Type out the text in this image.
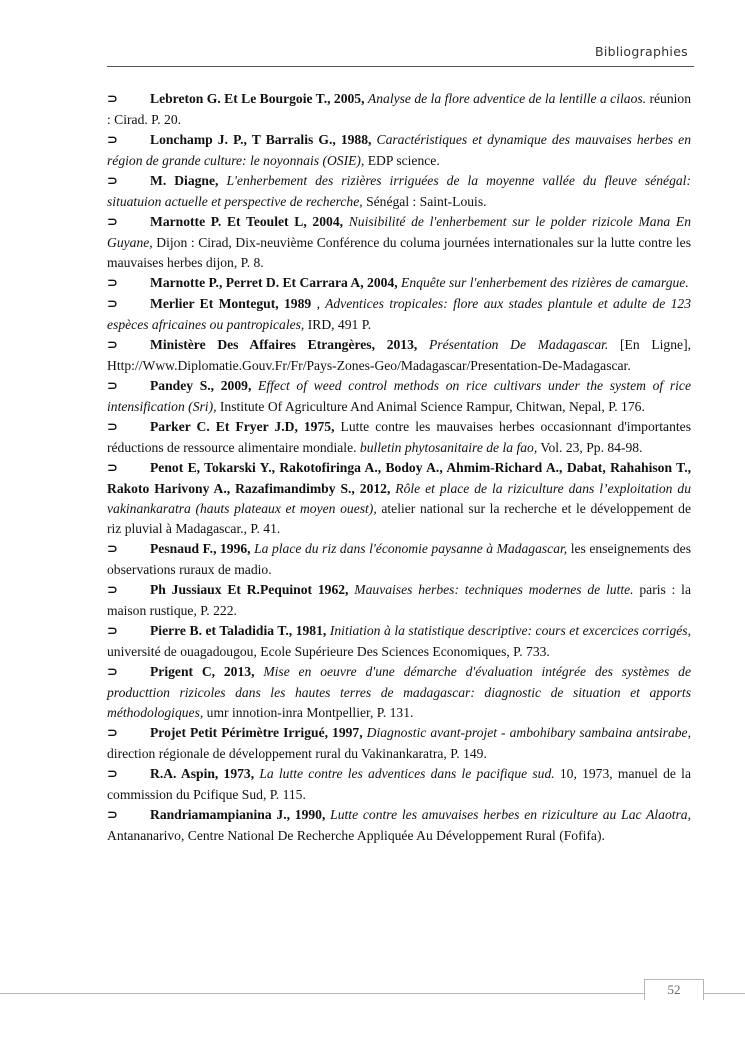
Bibliographies

⊃ Lebreton G. Et Le Bourgoie T., 2005, Analyse de la flore adventice de la lentille a cilaos. réunion : Cirad. P. 20.

⊃ Lonchamp J. P., T Barralis G., 1988, Caractéristiques et dynamique des mauvaises herbes en région de grande culture: le noyonnais (OSIE), EDP science.

⊃ M. Diagne, L'enherbement des rizières irriguées de la moyenne vallée du fleuve sénégal: situatuion actuelle et perspective de recherche, Sénégal : Saint-Louis.

⊃ Marnotte P. Et Teoulet L, 2004, Nuisibilité de l'enherbement sur le polder rizicole Mana En Guyane, Dijon : Cirad, Dix-neuvième Conférence du columa journées internationales sur la lutte contre les mauvaises herbes dijon, P. 8.

⊃ Marnotte P., Perret D. Et Carrara A, 2004, Enquête sur l'enherbement des rizières de camargue.

⊃ Merlier Et Montegut, 1989 , Adventices tropicales: flore aux stades plantule et adulte de 123 espèces africaines ou pantropicales, IRD, 491 P.

⊃ Ministère Des Affaires Etrangères, 2013, Présentation De Madagascar. [En Ligne], Http://Www.Diplomatie.Gouv.Fr/Fr/Pays-Zones-Geo/Madagascar/Presentation-De-Madagascar.

⊃ Pandey S., 2009, Effect of weed control methods on rice cultivars under the system of rice intensification (Sri), Institute Of Agriculture And Animal Science Rampur, Chitwan, Nepal, P. 176.

⊃ Parker C. Et Fryer J.D, 1975, Lutte contre les mauvaises herbes occasionnant d'importantes réductions de ressource alimentaire mondiale. bulletin phytosanitaire de la fao, Vol. 23, Pp. 84-98.

⊃ Penot E, Tokarski Y., Rakotofiringa A., Bodoy A., Ahmim-Richard A., Dabat, Rahahison T., Rakoto Harivony A., Razafimandimby S., 2012, Rôle et place de la riziculture dans l’exploitation du vakinankaratra (hauts plateaux et moyen ouest), atelier national sur la recherche et le développement de riz pluvial à Madagascar., P. 41.

⊃ Pesnaud F., 1996, La place du riz dans l'économie paysanne à Madagascar, les enseignements des observations ruraux de madio.

⊃ Ph Jussiaux Et R.Pequinot 1962, Mauvaises herbes: techniques modernes de lutte. paris : la maison rustique, P. 222.

⊃ Pierre B. et Taladidia T., 1981, Initiation à la statistique descriptive: cours et excercices corrigés, université de ouagadougou, Ecole Supérieure Des Sciences Economiques, P. 733.

⊃ Prigent C, 2013, Mise en oeuvre d'une démarche d'évaluation intégrée des systèmes de producttion rizicoles dans les hautes terres de madagascar: diagnostic de situation et apports méthodologiques, umr innotion-inra Montpellier, P. 131.

⊃ Projet Petit Périmètre Irrigué, 1997, Diagnostic avant-projet - ambohibary sambaina antsirabe, direction régionale de développement rural du Vakinankaratra, P. 149.

⊃ R.A. Aspin, 1973, La lutte contre les adventices dans le pacifique sud. 10, 1973, manuel de la commission du Pcifique Sud, P. 115.

⊃ Randriamampianina J., 1990, Lutte contre les amuvaises herbes en riziculture au Lac Alaotra, Antananarivo, Centre National De Recherche Appliquée Au Développement Rural (Fofifa).

52
